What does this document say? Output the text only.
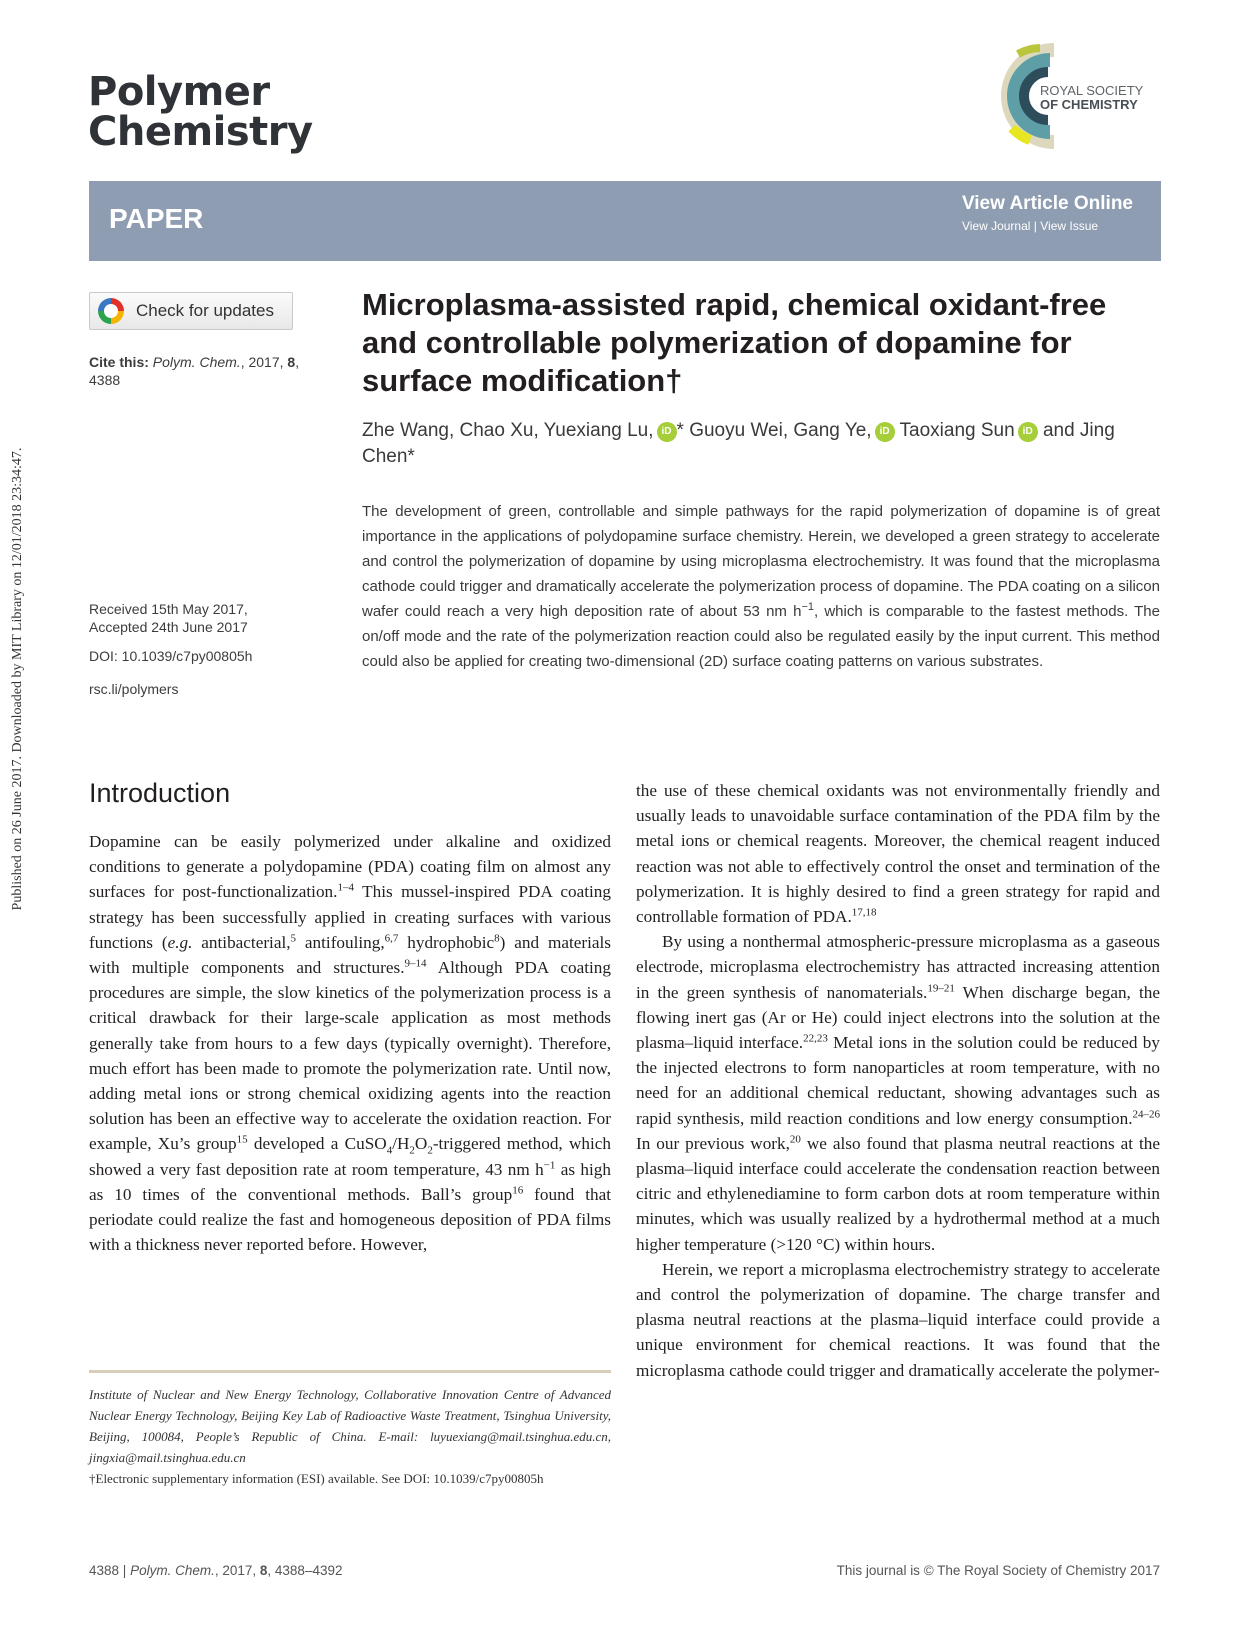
Published on 26 June 2017. Downloaded by MIT Library on 12/01/2018 23:34:47.
Polymer
Chemistry
ROYAL SOCIETY
OF CHEMISTRY
PAPER	View Article Online
View Journal | View Issue
Check for updates
Cite this: Polym. Chem., 2017, 8, 4388
Received 15th May 2017,
Accepted 24th June 2017
DOI: 10.1039/c7py00805h
rsc.li/polymers
Microplasma-assisted rapid, chemical oxidant-free and controllable polymerization of dopamine for surface modification†
Zhe Wang, Chao Xu, Yuexiang Lu, iD * Guoyu Wei, Gang Ye, iD Taoxiang Sun iD and Jing Chen*
The development of green, controllable and simple pathways for the rapid polymerization of dopamine is of great importance in the applications of polydopamine surface chemistry. Herein, we developed a green strategy to accelerate and control the polymerization of dopamine by using microplasma electrochemistry. It was found that the microplasma cathode could trigger and dramatically accelerate the polymerization process of dopamine. The PDA coating on a silicon wafer could reach a very high deposition rate of about 53 nm $h^{-1}$, which is comparable to the fastest methods. The on/off mode and the rate of the polymerization reaction could also be regulated easily by the input current. This method could also be applied for creating two-dimensional (2D) surface coating patterns on various substrates.
Introduction

Dopamine can be easily polymerized under alkaline and oxidized conditions to generate a polydopamine (PDA) coating film on almost any surfaces for post-functionalization.$^{1-4}$ This mussel-inspired PDA coating strategy has been successfully applied in creating surfaces with various functions (e.g. antibacterial,$^5$ antifouling,$^{6,7}$ hydrophobic$^8$) and materials with multiple components and structures.$^{9-14}$ Although PDA coating procedures are simple, the slow kinetics of the polymerization process is a critical drawback for their large-scale application as most methods generally take from hours to a few days (typically overnight). Therefore, much effort has been made to promote the polymerization rate. Until now, adding metal ions or strong chemical oxidizing agents into the reaction solution has been an effective way to accelerate the oxidation reaction. For example, Xu’s group$^{15}$ developed a $CuSO_4/H_2O_2$-triggered method, which showed a very fast deposition rate at room temperature, 43 nm $h^{-1}$ as high as 10 times of the conventional methods. Ball’s group$^{16}$ found that periodate could realize the fast and homogeneous deposition of PDA films with a thickness never reported before. However,

the use of these chemical oxidants was not environmentally friendly and usually leads to unavoidable surface contamination of the PDA film by the metal ions or chemical reagents. Moreover, the chemical reagent induced reaction was not able to effectively control the onset and termination of the polymerization. It is highly desired to find a green strategy for rapid and controllable formation of PDA.$^{17,18}$

By using a nonthermal atmospheric-pressure microplasma as a gaseous electrode, microplasma electrochemistry has attracted increasing attention in the green synthesis of nanomaterials.$^{19-21}$ When discharge began, the flowing inert gas (Ar or He) could inject electrons into the solution at the plasma–liquid interface.$^{22,23}$ Metal ions in the solution could be reduced by the injected electrons to form nanoparticles at room temperature, with no need for an additional chemical reductant, showing advantages such as rapid synthesis, mild reaction conditions and low energy consumption.$^{24-26}$ In our previous work,$^{20}$ we also found that plasma neutral reactions at the plasma–liquid interface could accelerate the condensation reaction between citric and ethylenediamine to form carbon dots at room temperature within minutes, which was usually realized by a hydrothermal method at a much higher temperature (>120 °C) within hours.

Herein, we report a microplasma electrochemistry strategy to accelerate and control the polymerization of dopamine. The charge transfer and plasma neutral reactions at the plasma–liquid interface could provide a unique environment for chemical reactions. It was found that the microplasma cathode could trigger and dramatically accelerate the polymer-

Institute of Nuclear and New Energy Technology, Collaborative Innovation Centre of Advanced Nuclear Energy Technology, Beijing Key Lab of Radioactive Waste Treatment, Tsinghua University, Beijing, 100084, People’s Republic of China. E-mail: luyuexiang@mail.tsinghua.edu.cn, jingxia@mail.tsinghua.edu.cn
†Electronic supplementary information (ESI) available. See DOI: 10.1039/c7py00805h
4388 | Polym. Chem., 2017, 8, 4388–4392	This journal is © The Royal Society of Chemistry 2017
